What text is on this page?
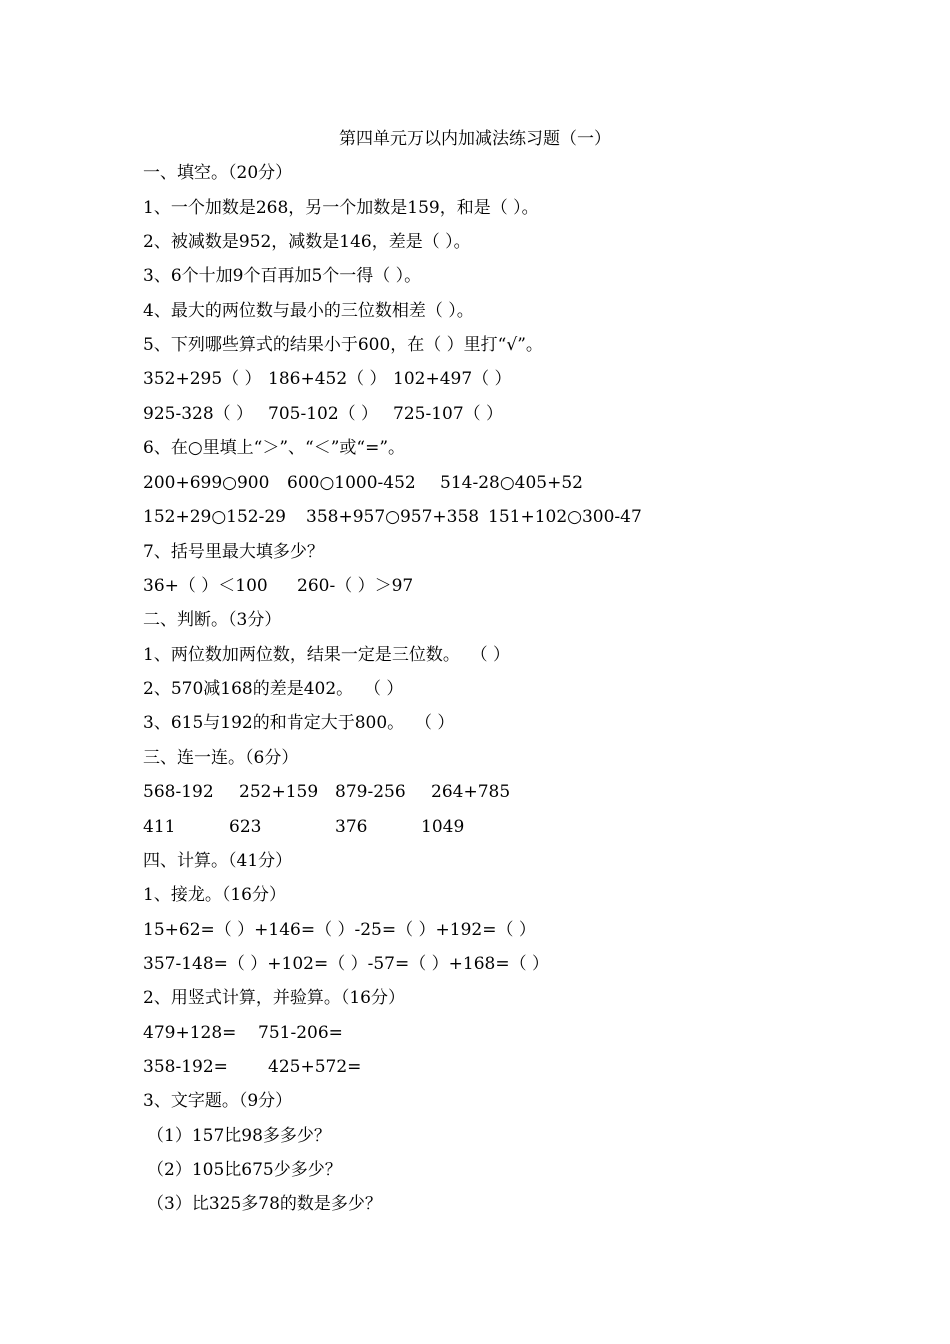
第四单元万以内加减法练习题（一）
一、填空。（20分）
1、一个加数是268，另一个加数是159，和是（ ）。
2、被减数是952，减数是146，差是（ ）。
3、6个十加9个百再加5个一得（ ）。
4、最大的两位数与最小的三位数相差（ ）。
5、下列哪些算式的结果小于600，在（ ）里打“√”。
352+295（ ） 186+452（ ） 102+497（ ）
925-328（ ） 705-102（ ） 725-107（ ）
6、在○里填上“＞”、“＜”或“=”。
200+699○900 600○1000-452 514-28○405+52
152+29○152-29 358+957○957+358 151+102○300-47
7、括号里最大填多少？
36+（ ）＜100 260-（ ）＞97
二、判断。（3分）
1、两位数加两位数，结果一定是三位数。  （ ）
2、570减168的差是402。  （ ）
3、615与192的和肯定大于800。  （ ）
三、连一连。（6分）
568-192 252+159 879-256 264+785
411	623	376	1049
四、计算。（41分）
1、接龙。（16分）
15+62=（ ）+146=（ ）-25=（ ）+192=（ ）
357-148=（ ）+102=（ ）-57=（ ）+168=（ ）
2、用竖式计算，并验算。（16分）
479+128= 751-206=
358-192= 425+572=
3、文字题。（9分）
（1）157比98多多少？
（2）105比675少多少？
（3）比325多78的数是多少？
